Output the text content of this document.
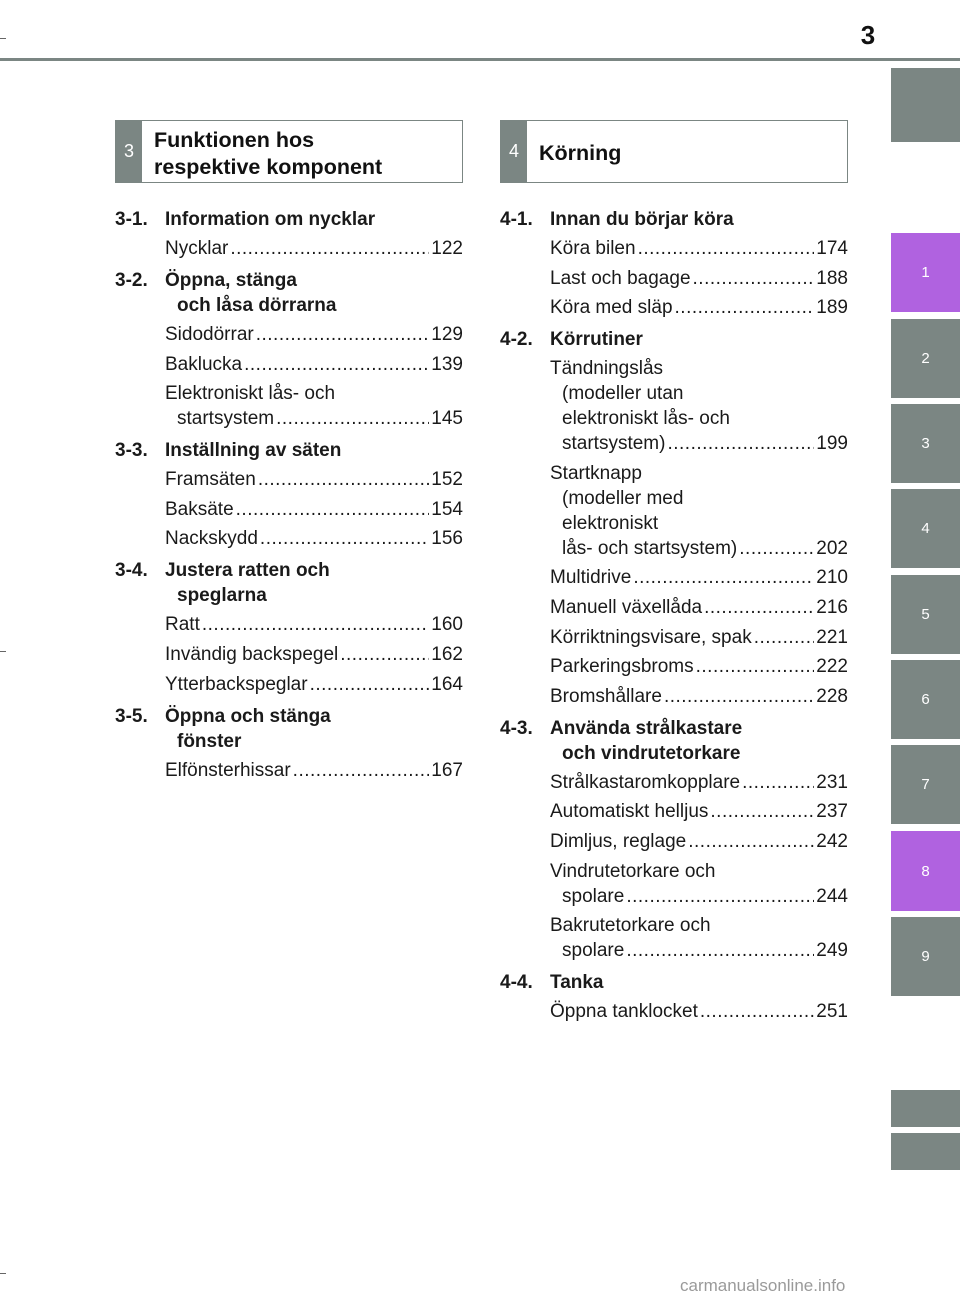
3
1
2
3
4
5
6
7
8
9
3 Funktionen hos
respektive komponent
3-1. Information om nycklar
Nycklar .....	122
3-2. Öppna, stänga
och låsa dörrarna
Sidodörrar .....	129
Baklucka .....	139
Elektroniskt lås- och
startsystem .....	145
3-3. Inställning av säten
Framsäten .....	152
Baksäte .....	154
Nackskydd .....	156
3-4. Justera ratten och
speglarna
Ratt .....	160
Invändig backspegel .....	162
Ytterbackspeglar .....	164
3-5. Öppna och stänga
fönster
Elfönsterhissar .....	167
4 Körning
4-1. Innan du börjar köra
Köra bilen .....	174
Last och bagage .....	188
Köra med släp .....	189
4-2. Körrutiner
Tändningslås
(modeller utan
elektroniskt lås- och
startsystem) .....	199
Startknapp
(modeller med
elektroniskt
lås- och startsystem) .....	202
Multidrive .....	210
Manuell växellåda .....	216
Körriktningsvisare, spak .....	221
Parkeringsbroms .....	222
Bromshållare .....	228
4-3. Använda strålkastare
och vindrutetorkare
Strålkastaromkopplare .....	231
Automatiskt helljus .....	237
Dimljus, reglage .....	242
Vindrutetorkare och
spolare .....	244
Bakrutetorkare och
spolare .....	249
4-4. Tanka
Öppna tanklocket .....	251
carmanualsonline.info
